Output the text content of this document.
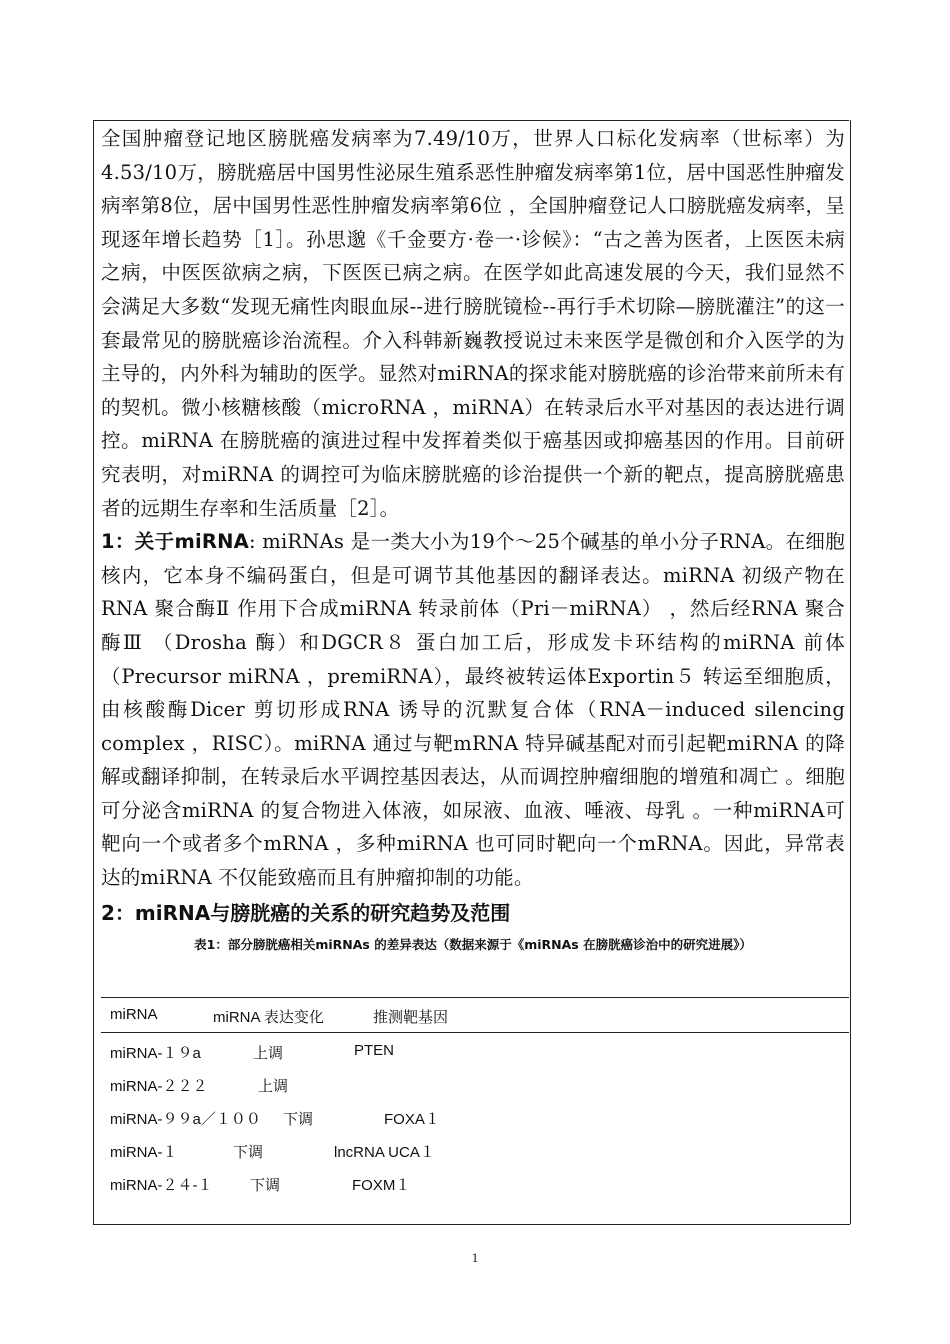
全国肿瘤登记地区膀胱癌发病率为7.49/10万，世界人口标化发病率（世标率）为4.53/10万，膀胱癌居中国男性泌尿生殖系恶性肿瘤发病率第1位，居中国恶性肿瘤发病率第8位，居中国男性恶性肿瘤发病率第6位 ，全国肿瘤登记人口膀胱癌发病率，呈现逐年增长趋势［1］。孙思邈《千金要方·卷一·诊候》：“古之善为医者，上医医未病之病，中医医欲病之病，下医医已病之病。在医学如此高速发展的今天，我们显然不会满足大多数“发现无痛性肉眼血尿--进行膀胱镜检--再行手术切除—膀胱灌注”的这一套最常见的膀胱癌诊治流程。介入科韩新巍教授说过未来医学是微创和介入医学的为主导的，内外科为辅助的医学。显然对miRNA的探求能对膀胱癌的诊治带来前所未有的契机。微小核糖核酸（microRNA ，miRNA）在转录后水平对基因的表达进行调控。miRNA 在膀胱癌的演进过程中发挥着类似于癌基因或抑癌基因的作用。目前研究表明，对miRNA 的调控可为临床膀胱癌的诊治提供一个新的靶点，提高膀胱癌患者的远期生存率和生活质量［2］。

1：关于miRNA: miRNAs 是一类大小为19个～25个碱基的单小分子RNA。在细胞核内，它本身不编码蛋白，但是可调节其他基因的翻译表达。miRNA 初级产物在RNA 聚合酶Ⅱ 作用下合成miRNA 转录前体（Pri－miRNA） ，然后经RNA 聚合酶Ⅲ （Drosha 酶）和DGCR８ 蛋白加工后，形成发卡环结构的miRNA 前体（Precursor miRNA ，premiRNA），最终被转运体Exportin５ 转运至细胞质，由核酸酶Dicer 剪切形成RNA 诱导的沉默复合体（RNA－induced silencing complex ，RISC）。miRNA 通过与靶mRNA 特异碱基配对而引起靶miRNA 的降解或翻译抑制，在转录后水平调控基因表达，从而调控肿瘤细胞的增殖和凋亡 。细胞可分泌含miRNA 的复合物进入体液，如尿液、血液、唾液、母乳 。一种miRNA可靶向一个或者多个mRNA ，多种miRNA 也可同时靶向一个mRNA。因此，异常表达的miRNA 不仅能致癌而且有肿瘤抑制的功能。

2：miRNA与膀胱癌的关系的研究趋势及范围

表1：部分膀胱癌相关miRNAs 的差异表达（数据来源于《miRNAs 在膀胱癌诊治中的研究进展》）

miRNA	miRNA 表达变化	推测靶基因
miRNA-１９a	上调	PTEN
miRNA-２２２	上调
miRNA-９９a／１００ 下调	FOXA１
miRNA-１	下调	lncRNA UCA１
miRNA-２４-１	下调	FOXM１
1
